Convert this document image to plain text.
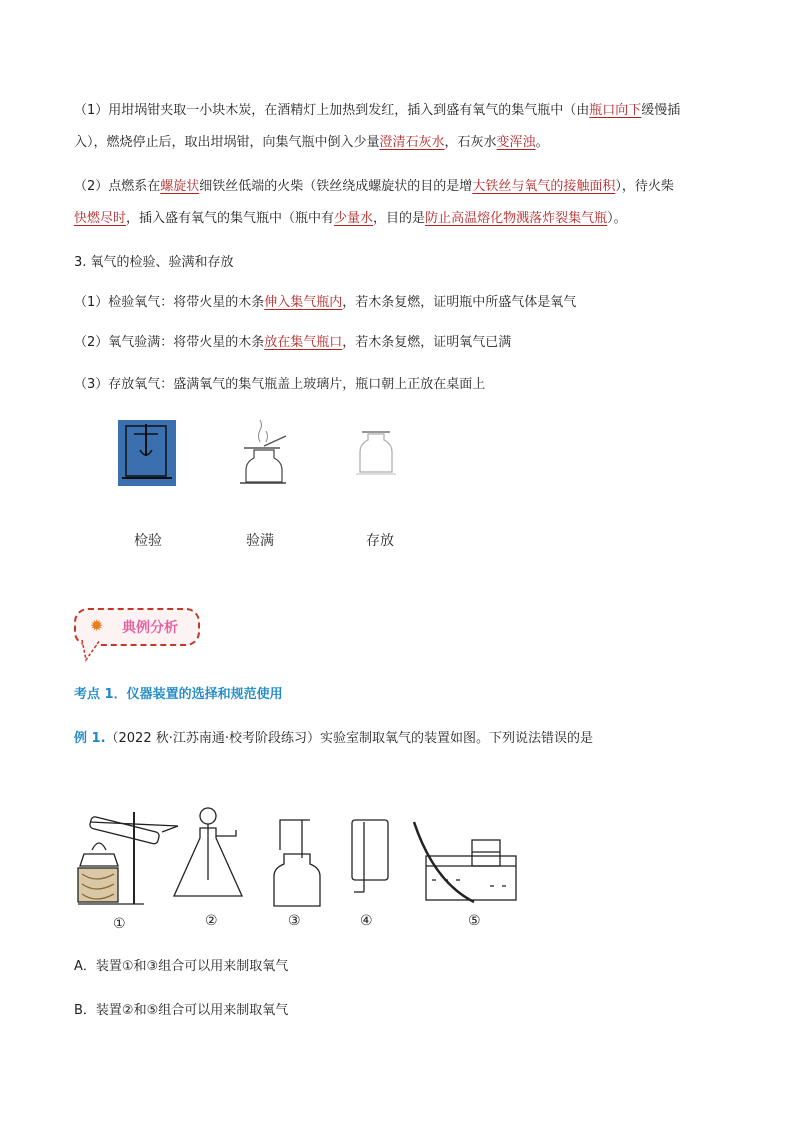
（1）用坩埚钳夹取一小块木炭，在酒精灯上加热到发红，插入到盛有氧气的集气瓶中（由瓶口向下缓慢插
入），燃烧停止后，取出坩埚钳，向集气瓶中倒入少量澄清石灰水，石灰水变浑浊。
（2）点燃系在螺旋状细铁丝低端的火柴（铁丝绕成螺旋状的目的是增大铁丝与氧气的接触面积），待火柴
快燃尽时，插入盛有氧气的集气瓶中（瓶中有少量水，目的是防止高温熔化物溅落炸裂集气瓶）。
3. 氧气的检验、验满和存放
（1）检验氧气：将带火星的木条伸入集气瓶内，若木条复燃，证明瓶中所盛气体是氧气
（2）氧气验满：将带火星的木条放在集气瓶口，若木条复燃，证明氧气已满
（3）存放氧气：盛满氧气的集气瓶盖上玻璃片，瓶口朝上正放在桌面上
检验	验满	存放
✹ 典例分析
考点 1．仪器装置的选择和规范使用
例 1.（2022 秋·江苏南通·校考阶段练习）实验室制取氧气的装置如图。下列说法错误的是
①	②	③	④	⑤
A．装置①和③组合可以用来制取氧气
B．装置②和⑤组合可以用来制取氧气
